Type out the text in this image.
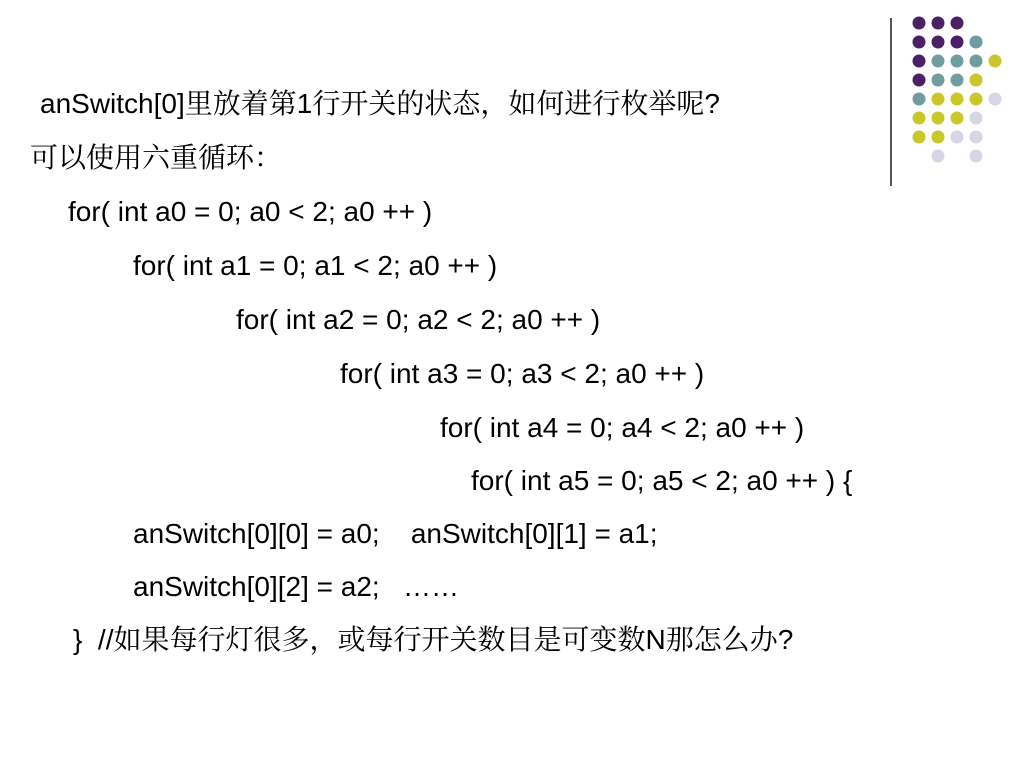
anSwitch[0]里放着第1行开关的状态，如何进行枚举呢?
可以使用六重循环：
for( int a0 = 0; a0 < 2; a0 ++ )
for( int a1 = 0; a1 < 2; a0 ++ )
for( int a2 = 0; a2 < 2; a0 ++ )
for( int a3 = 0; a3 < 2; a0 ++ )
for( int a4 = 0; a4 < 2; a0 ++ )
for( int a5 = 0; a5 < 2; a0 ++ ) {
anSwitch[0][0] = a0;    anSwitch[0][1] = a1;
anSwitch[0][2] = a2;   ……
}  //如果每行灯很多，或每行开关数目是可变数N那怎么办?
